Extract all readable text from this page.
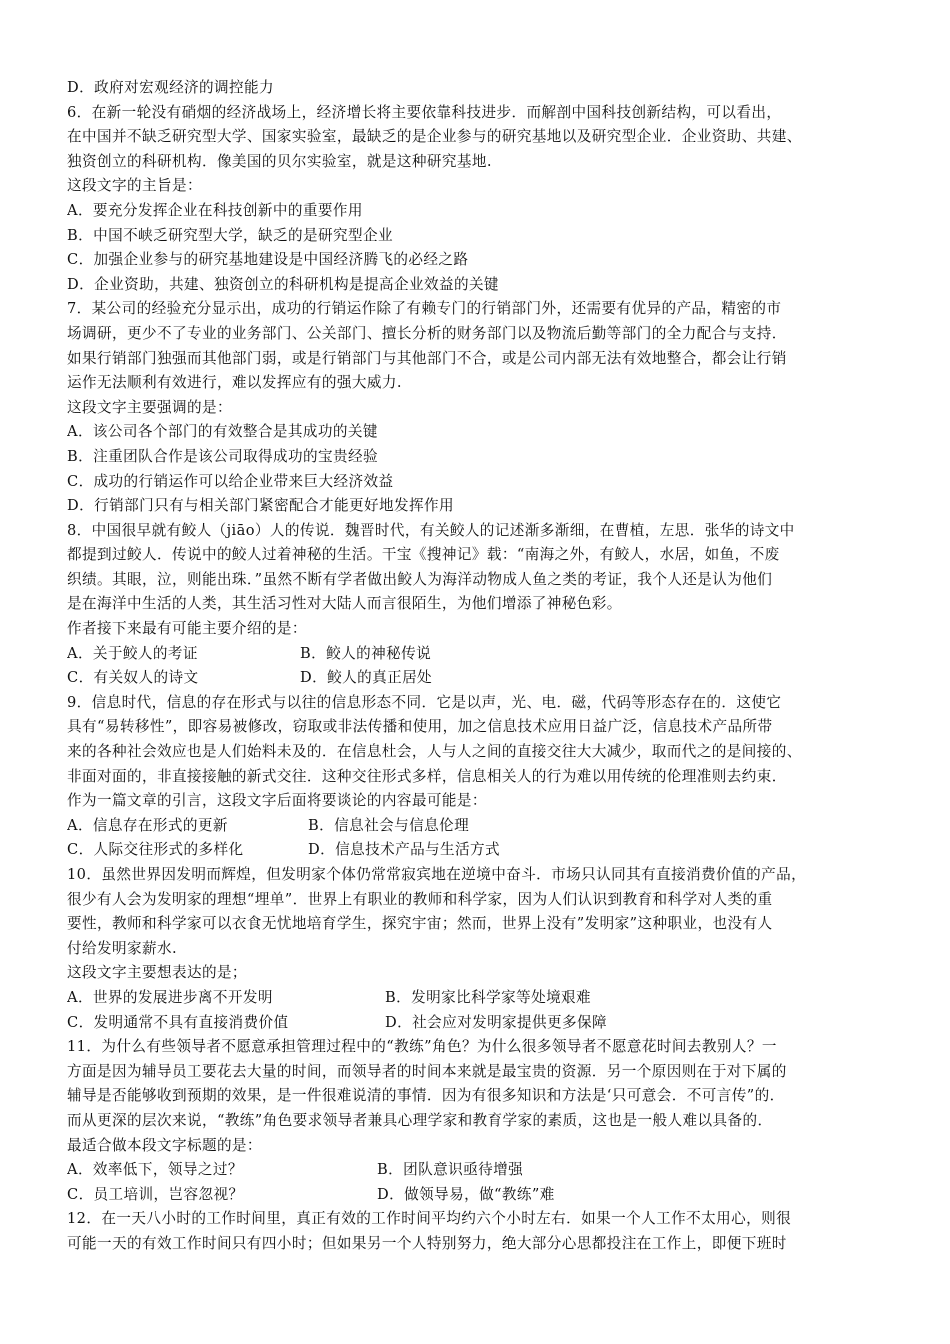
D．政府对宏观经济的调控能力
6．在新一轮没有硝烟的经济战场上，经济增长将主要依靠科技进步．而解剖中国科技创新结构，可以看出，
在中国并不缺乏研究型大学、国家实验室，最缺乏的是企业参与的研究基地以及研究型企业．企业资助、共建、
独资创立的科研机构．像美国的贝尔实验室，就是这种研究基地.
这段文字的主旨是：
A．要充分发挥企业在科技创新中的重要作用
B．中国不峡乏研究型大学，缺乏的是研究型企业
C．加强企业参与的研究基地建设是中国经济腾飞的必经之路
D．企业资助，共建、独资创立的科研机构是提高企业效益的关键
7．某公司的经验充分显示出，成功的行销运作除了有赖专门的行销部门外，还需要有优异的产品，精密的市
场调研，更少不了专业的业务部门、公关部门、擅长分析的财务部门以及物流后勤等部门的全力配合与支持．
如果行销部门独强而其他部门弱，或是行销部门与其他部门不合，或是公司内部无法有效地整合，都会让行销
运作无法顺利有效进行，难以发挥应有的强大威力.
这段文字主要强调的是：
A．该公司各个部门的有效整合是其成功的关键
B．注重团队合作是该公司取得成功的宝贵经验
C．成功的行销运作可以给企业带来巨大经济效益
D．行销部门只有与相关部门紧密配合才能更好地发挥作用
8．中国很早就有鲛人（jiāo）人的传说．魏晋时代，有关鲛人的记述渐多渐细，在曹植，左思．张华的诗文中
都提到过鲛人．传说中的鲛人过着神秘的生活。干宝《搜神记》载：“南海之外，有鲛人，水居，如鱼，不废
织绩。其眼，泣，则能出珠．”虽然不断有学者做出鲛人为海洋动物成人鱼之类的考证，我个人还是认为他们
是在海洋中生活的人类，其生活习性对大陆人而言很陌生，为他们增添了神秘色彩。
作者接下来最有可能主要介绍的是：
A．关于鲛人的考证	B．鲛人的神秘传说
C．有关奴人的诗文	D．鲛人的真正居处
9．信息时代，信息的存在形式与以往的信息形态不同．它是以声，光、电．磁，代码等形态存在的．这使它
具有“易转移性”，即容易被修改，窃取或非法传播和使用，加之信息技术应用日益广泛，信息技术产品所带
来的各种社会效应也是人们始料未及的．在信息杜会，人与人之间的直接交往大大减少，取而代之的是间接的、
非面对面的，非直接接触的新式交往．这种交往形式多样，信息相关人的行为难以用传统的伦理准则去约束．
作为一篇文章的引言，这段文字后面将要谈论的内容最可能是：
A．信息存在形式的更新	B．信息社会与信息伦理
C．人际交往形式的多样化	D．信息技术产品与生活方式
10．虽然世界因发明而辉煌，但发明家个体仍常常寂宾地在逆境中奋斗．市场只认同其有直接消费价值的产品，
很少有人会为发明家的理想“埋单”．世界上有职业的教师和科学家，因为人们认识到教育和科学对人类的重
要性，教师和科学家可以衣食无忧地培育学生，探究宇宙；然而，世界上没有”发明家”这种职业，也没有人
付给发明家薪水.
这段文字主要想表达的是；
A．世界的发展进步离不开发明	B．发明家比科学家等处境艰难
C．发明通常不具有直接消费价值	D．社会应对发明家提供更多保障
11．为什么有些领导者不愿意承担管理过程中的“教练”角色？为什么很多领导者不愿意花时间去教别人？一
方面是因为辅导员工要花去大量的时间，而领导者的时间本来就是最宝贵的资源．另一个原因则在于对下属的
辅导是否能够收到预期的效果，是一件很难说清的事情．因为有很多知识和方法是‘只可意会．不可言传”的．
而从更深的层次来说，“教练”角色要求领导者兼具心理学家和教育学家的素质，这也是一般人难以具备的．
最适合做本段文字标题的是：
A．效率低下，领导之过？	B．团队意识亟待增强
C．员工培训，岂容忽视？	D．做领导易，做“教练”难
12．在一天八小时的工作时间里，真正有效的工作时间平均约六个小时左右．如果一个人工作不太用心，则很
可能一天的有效工作时间只有四小时；但如果另一个人特别努力，绝大部分心思都投注在工作上，即便下班时
